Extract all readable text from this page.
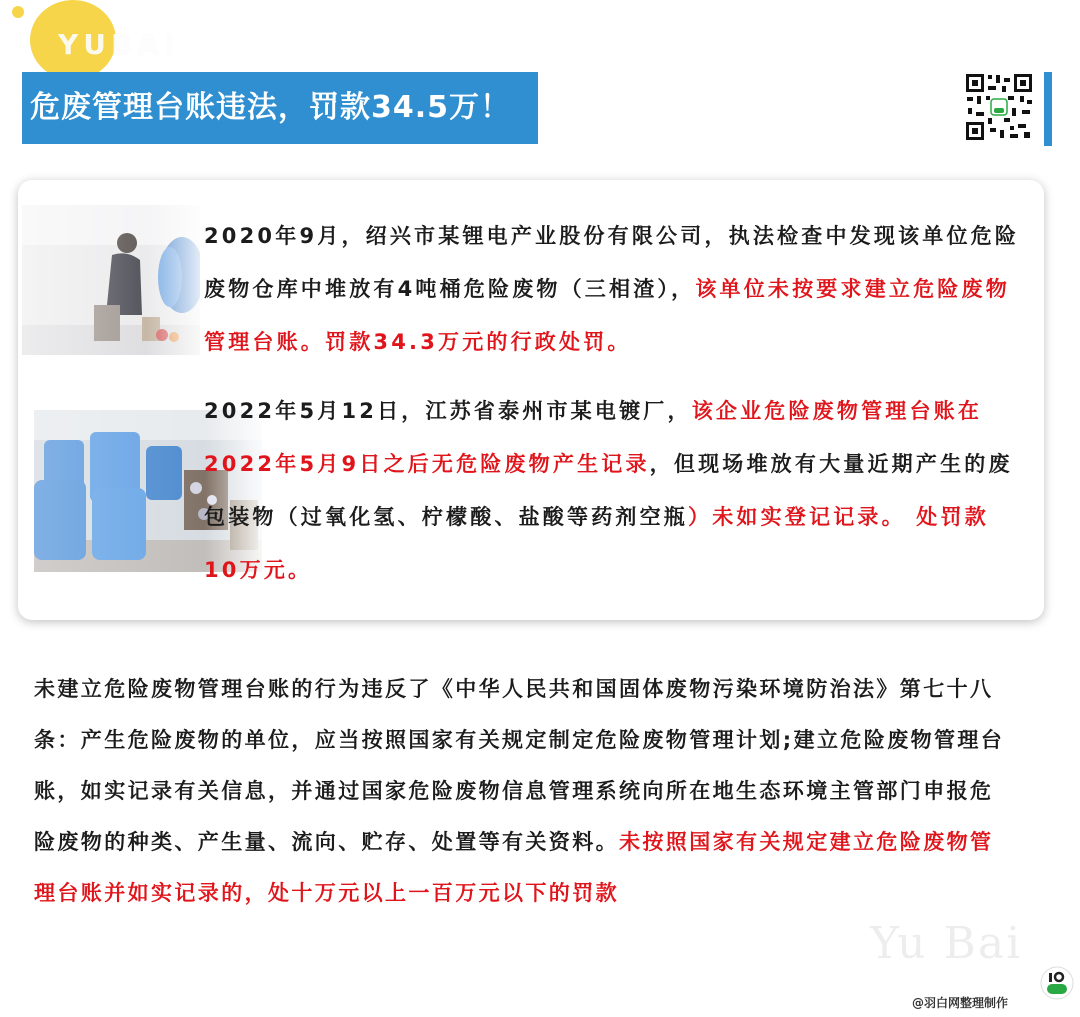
YUBAI
危废管理台账违法，罚款34.5万！

2020年9月，绍兴市某锂电产业股份有限公司，执法检查中发现该单位危险废物仓库中堆放有4吨桶危险废物（三相渣），该单位未按要求建立危险废物管理台账。罚款34.3万元的行政处罚。

2022年5月12日，江苏省泰州市某电镀厂，该企业危险废物管理台账在2022年5月9日之后无危险废物产生记录，但现场堆放有大量近期产生的废包装物（过氧化氢、柠檬酸、盐酸等药剂空瓶）未如实登记记录。 处罚款10万元。

未建立危险废物管理台账的行为违反了《中华人民共和国固体废物污染环境防治法》第七十八条：产生危险废物的单位，应当按照国家有关规定制定危险废物管理计划;建立危险废物管理台账，如实记录有关信息，并通过国家危险废物信息管理系统向所在地生态环境主管部门申报危险废物的种类、产生量、流向、贮存、处置等有关资料。未按照国家有关规定建立危险废物管理台账并如实记录的，处十万元以上一百万元以下的罚款

Yu Bai
@羽白网整理制作
